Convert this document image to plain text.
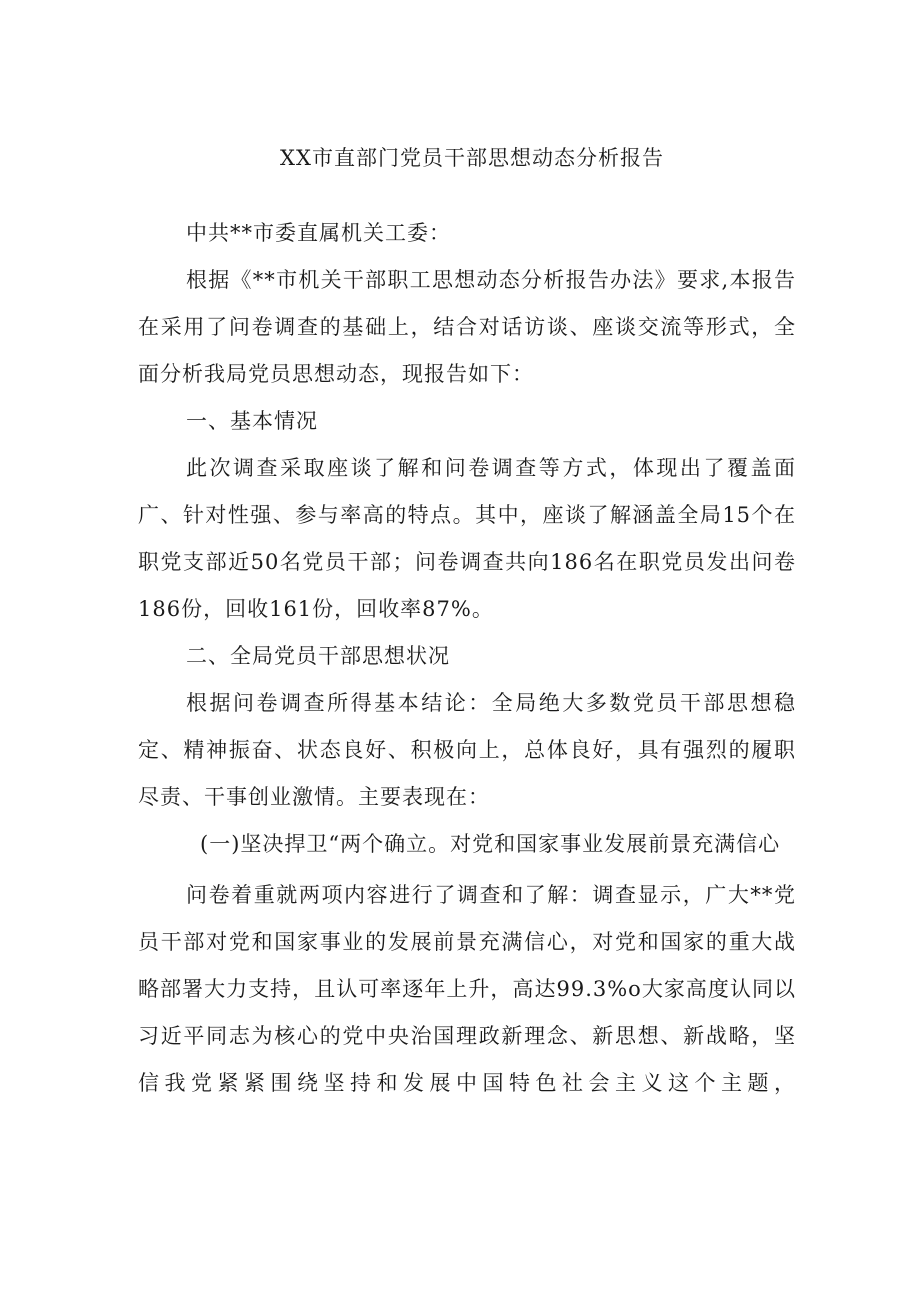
XX市直部门党员干部思想动态分析报告

中共**市委直属机关工委：

根据《**市机关干部职工思想动态分析报告办法》要求,本报告在采用了问卷调查的基础上，结合对话访谈、座谈交流等形式，全面分析我局党员思想动态，现报告如下：

一、基本情况

此次调查采取座谈了解和问卷调查等方式，体现出了覆盖面广、针对性强、参与率高的特点。其中，座谈了解涵盖全局15个在职党支部近50名党员干部；问卷调查共向186名在职党员发出问卷186份，回收161份，回收率87%。

二、全局党员干部思想状况

根据问卷调查所得基本结论：全局绝大多数党员干部思想稳定、精神振奋、状态良好、积极向上，总体良好，具有强烈的履职尽责、干事创业激情。主要表现在：

(一)坚决捍卫“两个确立。对党和国家事业发展前景充满信心

问卷着重就两项内容进行了调查和了解：调查显示，广大**党员干部对党和国家事业的发展前景充满信心，对党和国家的重大战略部署大力支持，且认可率逐年上升，高达99.3%o大家高度认同以习近平同志为核心的党中央治国理政新理念、新思想、新战略，坚信我党紧紧围绕坚持和发展中国特色社会主义这个主题，
